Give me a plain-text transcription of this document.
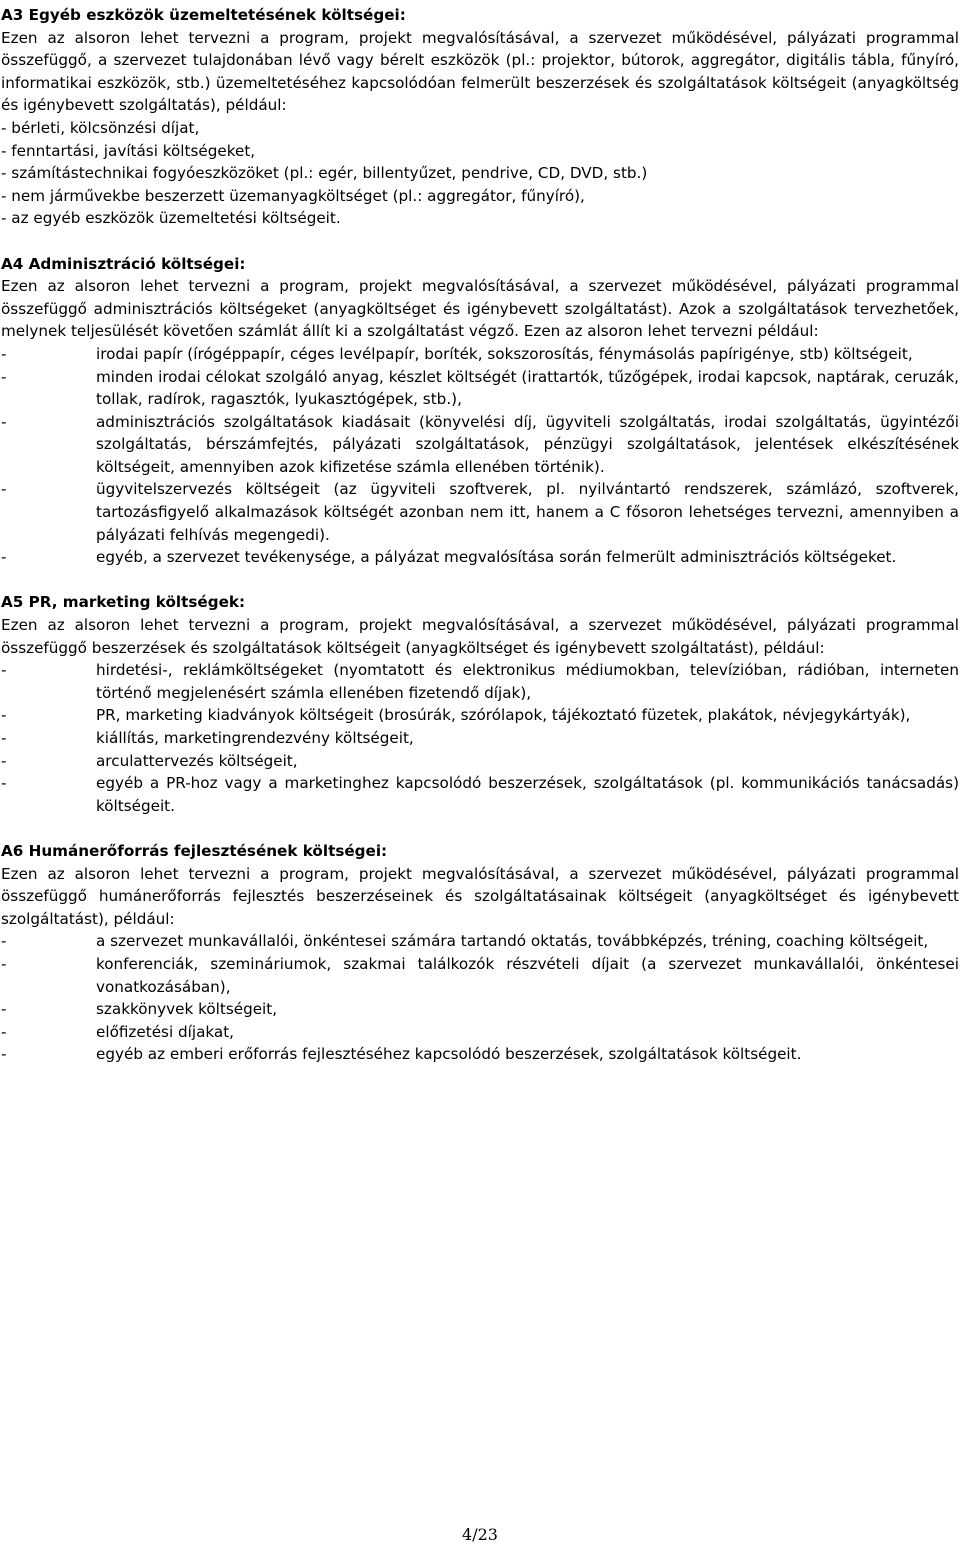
A3 Egyéb eszközök üzemeltetésének költségei:
Ezen az alsoron lehet tervezni a program, projekt megvalósításával, a szervezet működésével, pályázati programmal összefüggő, a szervezet tulajdonában lévő vagy bérelt eszközök (pl.: projektor, bútorok, aggregátor, digitális tábla, fűnyíró, informatikai eszközök, stb.) üzemeltetéséhez kapcsolódóan felmerült beszerzések és szolgáltatások költségeit (anyagköltség és igénybevett szolgáltatás), például:
- bérleti, kölcsönzési díjat,
- fenntartási, javítási költségeket,
- számítástechnikai fogyóeszközöket (pl.: egér, billentyűzet, pendrive, CD, DVD, stb.)
- nem járművekbe beszerzett üzemanyagköltséget (pl.: aggregátor, fűnyíró),
- az egyéb eszközök üzemeltetési költségeit.
A4 Adminisztráció költségei:
Ezen az alsoron lehet tervezni a program, projekt megvalósításával, a szervezet működésével, pályázati programmal összefüggő adminisztrációs költségeket (anyagköltséget és igénybevett szolgáltatást). Azok a szolgáltatások tervezhetőek, melynek teljesülését követően számlát állít ki a szolgáltatást végző. Ezen az alsoron lehet tervezni például:
-	irodai papír (írógéppapír, céges levélpapír, boríték, sokszorosítás, fénymásolás papírigénye, stb) költségeit,
-	minden irodai célokat szolgáló anyag, készlet költségét (irattartók, tűzőgépek, irodai kapcsok, naptárak, ceruzák, tollak, radírok, ragasztók, lyukasztógépek, stb.),
-	adminisztrációs szolgáltatások kiadásait (könyvelési díj, ügyviteli szolgáltatás, irodai szolgáltatás, ügyintézői szolgáltatás, bérszámfejtés, pályázati szolgáltatások, pénzügyi szolgáltatások, jelentések elkészítésének költségeit, amennyiben azok kifizetése számla ellenében történik).
-	ügyvitelszervezés költségeit (az ügyviteli szoftverek, pl. nyilvántartó rendszerek, számlázó, szoftverek, tartozásfigyelő alkalmazások költségét azonban nem itt, hanem a C fősoron lehetséges tervezni, amennyiben a pályázati felhívás megengedi).
-	egyéb, a szervezet tevékenysége, a pályázat megvalósítása során felmerült adminisztrációs költségeket.
A5 PR, marketing költségek:
Ezen az alsoron lehet tervezni a program, projekt megvalósításával, a szervezet működésével, pályázati programmal összefüggő beszerzések és szolgáltatások költségeit (anyagköltséget és igénybevett szolgáltatást), például:
-	hirdetési-, reklámköltségeket (nyomtatott és elektronikus médiumokban, televízióban, rádióban, interneten történő megjelenésért számla ellenében fizetendő díjak),
-	PR, marketing kiadványok költségeit (brosúrák, szórólapok, tájékoztató füzetek, plakátok, névjegykártyák),
-	kiállítás, marketingrendezvény költségeit,
-	arculattervezés költségeit,
-	egyéb a PR-hoz vagy a marketinghez kapcsolódó beszerzések, szolgáltatások (pl. kommunikációs tanácsadás) költségeit.
A6 Humánerőforrás fejlesztésének költségei:
Ezen az alsoron lehet tervezni a program, projekt megvalósításával, a szervezet működésével, pályázati programmal összefüggő humánerőforrás fejlesztés beszerzéseinek és szolgáltatásainak költségeit (anyagköltséget és igénybevett szolgáltatást), például:
-	a szervezet munkavállalói, önkéntesei számára tartandó oktatás, továbbképzés, tréning, coaching költségeit,
-	konferenciák, szemináriumok, szakmai találkozók részvételi díjait (a szervezet munkavállalói, önkéntesei vonatkozásában),
-	szakkönyvek költségeit,
-	előfizetési díjakat,
-	egyéb az emberi erőforrás fejlesztéséhez kapcsolódó beszerzések, szolgáltatások költségeit.
4/23
